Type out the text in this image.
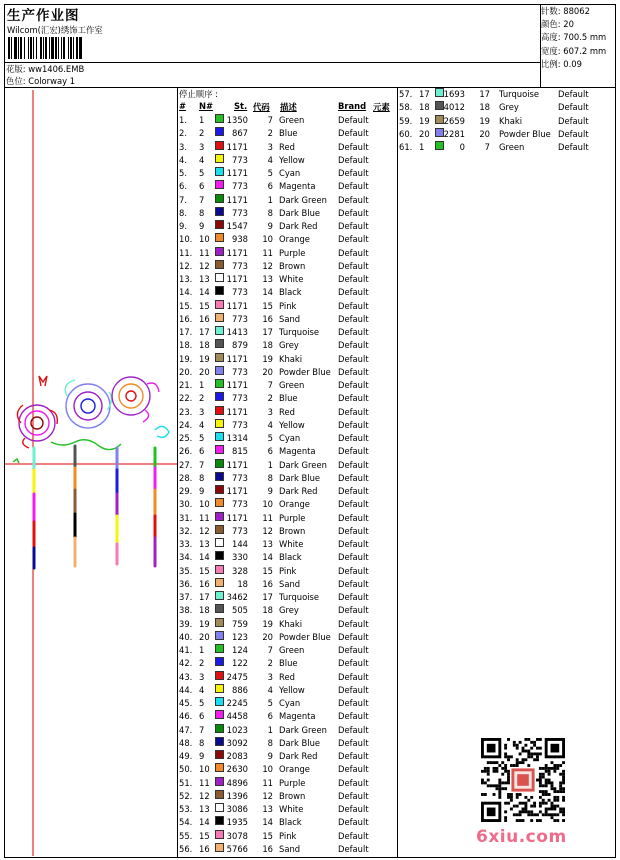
生产作业图
Wilcom(汇宏)绣饰工作室
花版: ww1406.EMB
色位: Colorway 1
针数: 88062
颜色: 20
高度: 700.5 mm
宽度: 607.2 mm
比例: 0.09
停止顺序 :
# N# St. 代码 描述	Brand 元素
1. 1	1350 7 Green	Default
2. 2	867 2 Blue	Default
3. 3	1171 3 Red	Default
4. 4	773 4 Yellow	Default
5. 5	1171 5 Cyan	Default
6. 6	773 6 Magenta	Default
7. 7	1171 1 Dark Green Default
8. 8	773 8 Dark Blue Default
9. 9	1547 9 Dark Red Default
10. 10	938 10 Orange	Default
11. 11 1171 11 Purple	Default
12. 12	773 12 Brown	Default
13. 13 1171 13 White	Default
14. 14	773 14 Black	Default
15. 15 1171 15 Pink	Default
16. 16	773 16 Sand	Default
17. 17 1413 17 Turquoise Default
18. 18	879 18 Grey	Default
19. 19 1171 19 Khaki	Default
20. 20	773 20 Powder Blue Default
21. 1	1171 7 Green	Default
22. 2	773 2 Blue	Default
23. 3	1171 3 Red	Default
24. 4	773 4 Yellow	Default
25. 5	1314 5 Cyan	Default
26. 6	815 6 Magenta	Default
27. 7	1171 1 Dark Green Default
28. 8	773 8 Dark Blue Default
29. 9	1171 9 Dark Red Default
30. 10	773 10 Orange	Default
31. 11 1171 11 Purple	Default
32. 12	773 12 Brown	Default
33. 13	144 13 White	Default
34. 14	330 14 Black	Default
35. 15	328 15 Pink	Default
36. 16	18 16 Sand	Default
37. 17 3462 17 Turquoise Default
38. 18	505 18 Grey	Default
39. 19	759 19 Khaki	Default
40. 20	123 20 Powder Blue Default
41. 1	124 7 Green	Default
42. 2	122 2 Blue	Default
43. 3	2475 3 Red	Default
44. 4	886 4 Yellow	Default
45. 5	2245 5 Cyan	Default
46. 6	4458 6 Magenta	Default
47. 7	1023 1 Dark Green Default
48. 8	3092 8 Dark Blue Default
49. 9	2083 9 Dark Red Default
50. 10 2630 10 Orange	Default
51. 11 4896 11 Purple	Default
52. 12 1396 12 Brown	Default
53. 13 3086 13 White	Default
54. 14 1935 14 Black	Default
55. 15 3078 15 Pink	Default
56. 16 5766 16 Sand	Default
57. 17 1693 17 Turquoise Default
58. 18 4012 18 Grey	Default
59. 19 2659 19 Khaki	Default
60. 20 2281 20 Powder Blue Default
61. 1	0 7 Green	Default
6xiu.com
